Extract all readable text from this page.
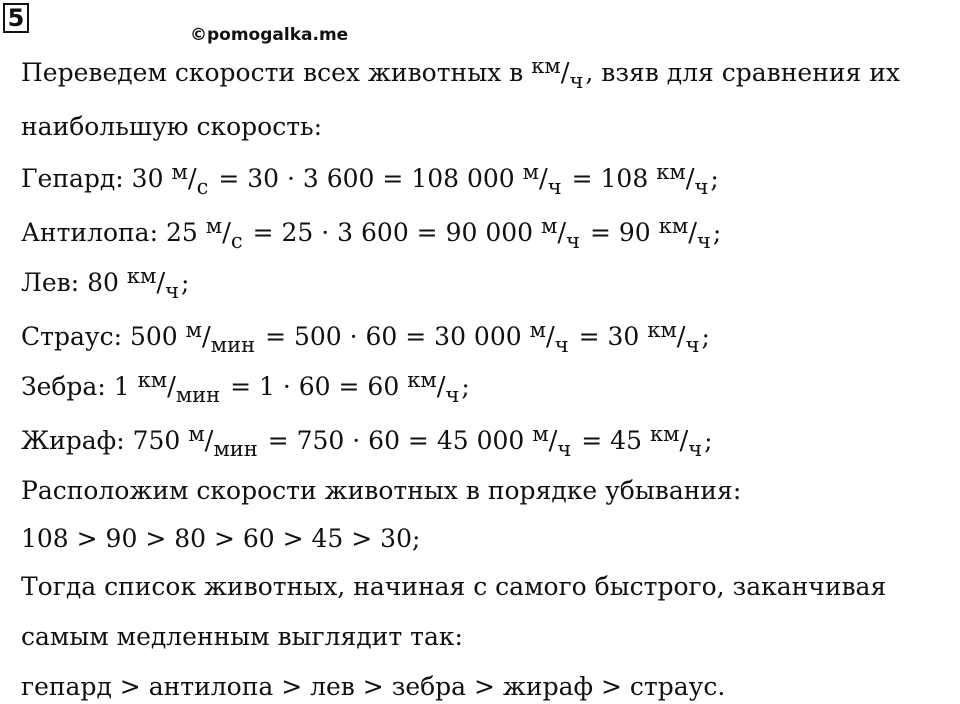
5
©pomogalka.me
Переведем скорости всех животных в $^{км}/_ч$, взяв для сравнения их
наибольшую скорость:
Гепард: 30 $^м/_с = 30 \cdot 3$ 600 = 108 000 $^м/_ч = 108$ $^{км}/_ч$;
Антилопа: 25 $^м/_с = 25 \cdot 3$ 600 = 90 000 $^м/_ч = 90$ $^{км}/_ч$;
Лев: 80 $^{км}/_ч$;
Страус: 500 $^м/_{мин} = 500 \cdot 60 = 30$ 000 $^м/_ч = 30$ $^{км}/_ч$;
Зебра: 1 $^{км}/_{мин} = 1 \cdot 60 = 60$ $^{км}/_ч$;
Жираф: 750 $^м/_{мин} = 750 \cdot 60 = 45$ 000 $^м/_ч = 45$ $^{км}/_ч$;
Расположим скорости животных в порядке убывания:
108 > 90 > 80 > 60 > 45 > 30;
Тогда список животных, начиная с самого быстрого, заканчивая
самым медленным выглядит так:
гепард > антилопа > лев > зебра > жираф > страус.
